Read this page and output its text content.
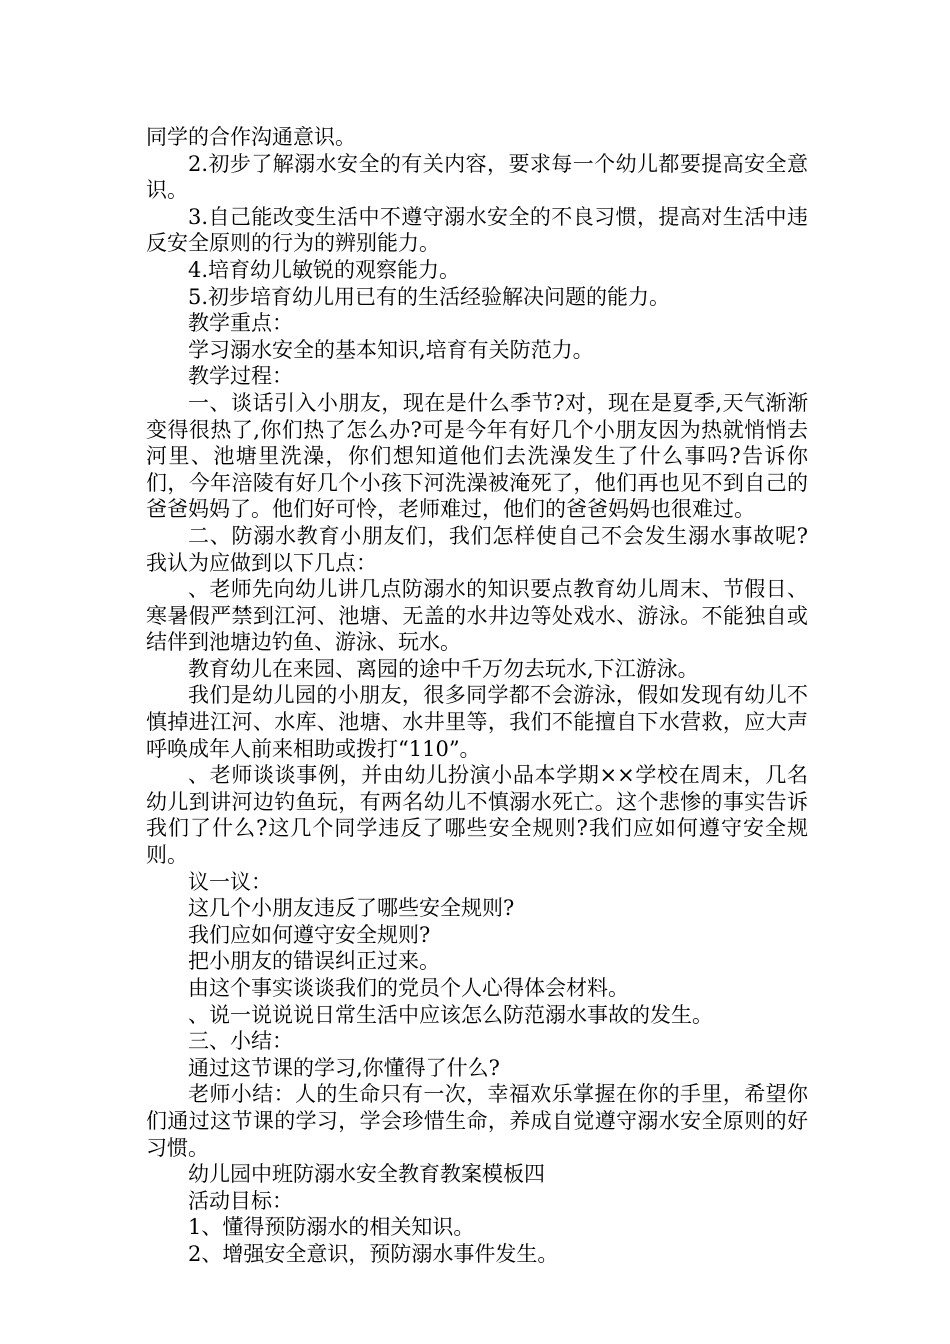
同学的合作沟通意识。

2.初步了解溺水安全的有关内容，要求每一个幼儿都要提高安全意识。

3.自己能改变生活中不遵守溺水安全的不良习惯，提高对生活中违反安全原则的行为的辨别能力。

4.培育幼儿敏锐的观察能力。

5.初步培育幼儿用已有的生活经验解决问题的能力。

教学重点：

学习溺水安全的基本知识,培育有关防范力。

教学过程：

一、谈话引入小朋友，现在是什么季节?对，现在是夏季,天气渐渐变得很热了,你们热了怎么办?可是今年有好几个小朋友因为热就悄悄去河里、池塘里洗澡，你们想知道他们去洗澡发生了什么事吗?告诉你们，今年涪陵有好几个小孩下河洗澡被淹死了，他们再也见不到自己的爸爸妈妈了。他们好可怜，老师难过，他们的爸爸妈妈也很难过。

二、防溺水教育小朋友们，我们怎样使自己不会发生溺水事故呢?我认为应做到以下几点：

、老师先向幼儿讲几点防溺水的知识要点教育幼儿周末、节假日、寒暑假严禁到江河、池塘、无盖的水井边等处戏水、游泳。不能独自或结伴到池塘边钓鱼、游泳、玩水。

教育幼儿在来园、离园的途中千万勿去玩水,下江游泳。

我们是幼儿园的小朋友，很多同学都不会游泳，假如发现有幼儿不慎掉进江河、水库、池塘、水井里等，我们不能擅自下水营救，应大声呼唤成年人前来相助或拨打“110”。

、老师谈谈事例，并由幼儿扮演小品本学期××学校在周末，几名幼儿到讲河边钓鱼玩，有两名幼儿不慎溺水死亡。这个悲惨的事实告诉我们了什么?这几个同学违反了哪些安全规则?我们应如何遵守安全规则。

议一议：

这几个小朋友违反了哪些安全规则?

我们应如何遵守安全规则?

把小朋友的错误纠正过来。

由这个事实谈谈我们的党员个人心得体会材料。

、说一说说说日常生活中应该怎么防范溺水事故的发生。

三、小结：

通过这节课的学习,你懂得了什么?

老师小结：人的生命只有一次，幸福欢乐掌握在你的手里，希望你们通过这节课的学习，学会珍惜生命，养成自觉遵守溺水安全原则的好习惯。

幼儿园中班防溺水安全教育教案模板四

活动目标：

1、懂得预防溺水的相关知识。

2、增强安全意识，预防溺水事件发生。
